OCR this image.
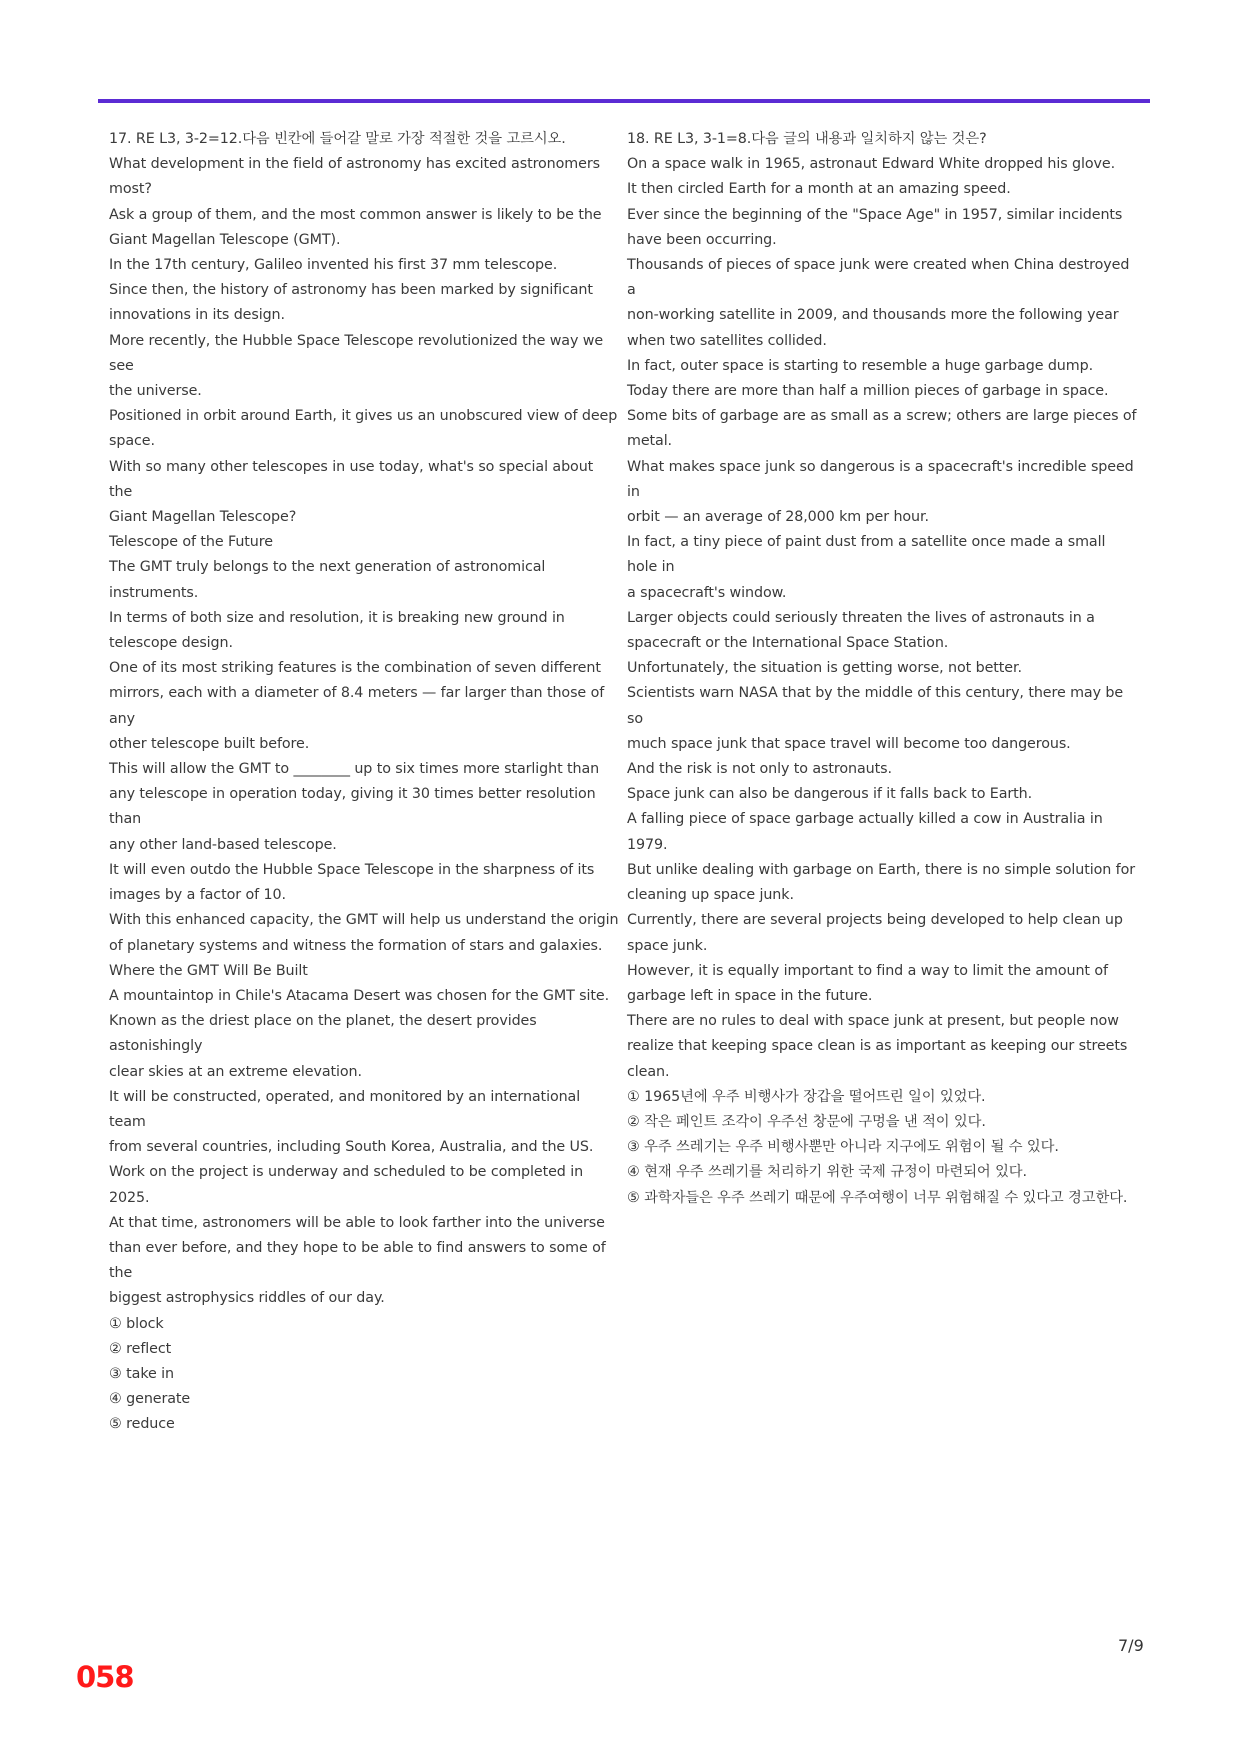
17. RE L3, 3-2=12.다음 빈칸에 들어갈 말로 가장 적절한 것을 고르시오.
What development in the field of astronomy has excited astronomers
most?
Ask a group of them, and the most common answer is likely to be the
Giant Magellan Telescope (GMT).
In the 17th century, Galileo invented his first 37 mm telescope.
Since then, the history of astronomy has been marked by significant
innovations in its design.
More recently, the Hubble Space Telescope revolutionized the way we see
the universe.
Positioned in orbit around Earth, it gives us an unobscured view of deep
space.
With so many other telescopes in use today, what's so special about the
Giant Magellan Telescope?
Telescope of the Future
The GMT truly belongs to the next generation of astronomical
instruments.
In terms of both size and resolution, it is breaking new ground in
telescope design.
One of its most striking features is the combination of seven different
mirrors, each with a diameter of 8.4 meters — far larger than those of any
other telescope built before.
This will allow the GMT to ________ up to six times more starlight than
any telescope in operation today, giving it 30 times better resolution than
any other land-based telescope.
It will even outdo the Hubble Space Telescope in the sharpness of its
images by a factor of 10.
With this enhanced capacity, the GMT will help us understand the origin
of planetary systems and witness the formation of stars and galaxies.
Where the GMT Will Be Built
A mountaintop in Chile's Atacama Desert was chosen for the GMT site.
Known as the driest place on the planet, the desert provides astonishingly
clear skies at an extreme elevation.
It will be constructed, operated, and monitored by an international team
from several countries, including South Korea, Australia, and the US.
Work on the project is underway and scheduled to be completed in 2025.
At that time, astronomers will be able to look farther into the universe
than ever before, and they hope to be able to find answers to some of the
biggest astrophysics riddles of our day.
① block
② reflect
③ take in
④ generate
⑤ reduce
18. RE L3, 3-1=8.다음 글의 내용과 일치하지 않는 것은?
On a space walk in 1965, astronaut Edward White dropped his glove.
It then circled Earth for a month at an amazing speed.
Ever since the beginning of the "Space Age" in 1957, similar incidents
have been occurring.
Thousands of pieces of space junk were created when China destroyed a
non-working satellite in 2009, and thousands more the following year
when two satellites collided.
In fact, outer space is starting to resemble a huge garbage dump.
Today there are more than half a million pieces of garbage in space.
Some bits of garbage are as small as a screw; others are large pieces of
metal.
What makes space junk so dangerous is a spacecraft's incredible speed in
orbit — an average of 28,000 km per hour.
In fact, a tiny piece of paint dust from a satellite once made a small hole in
a spacecraft's window.
Larger objects could seriously threaten the lives of astronauts in a
spacecraft or the International Space Station.
Unfortunately, the situation is getting worse, not better.
Scientists warn NASA that by the middle of this century, there may be so
much space junk that space travel will become too dangerous.
And the risk is not only to astronauts.
Space junk can also be dangerous if it falls back to Earth.
A falling piece of space garbage actually killed a cow in Australia in 1979.
But unlike dealing with garbage on Earth, there is no simple solution for
cleaning up space junk.
Currently, there are several projects being developed to help clean up
space junk.
However, it is equally important to find a way to limit the amount of
garbage left in space in the future.
There are no rules to deal with space junk at present, but people now
realize that keeping space clean is as important as keeping our streets
clean.
① 1965년에 우주 비행사가 장갑을 떨어뜨린 일이 있었다.
② 작은 페인트 조각이 우주선 창문에 구멍을 낸 적이 있다.
③ 우주 쓰레기는 우주 비행사뿐만 아니라 지구에도 위험이 될 수 있다.
④ 현재 우주 쓰레기를 처리하기 위한 국제 규정이 마련되어 있다.
⑤ 과학자들은 우주 쓰레기 때문에 우주여행이 너무 위험해질 수 있다고 경고한다.
7/9
058
